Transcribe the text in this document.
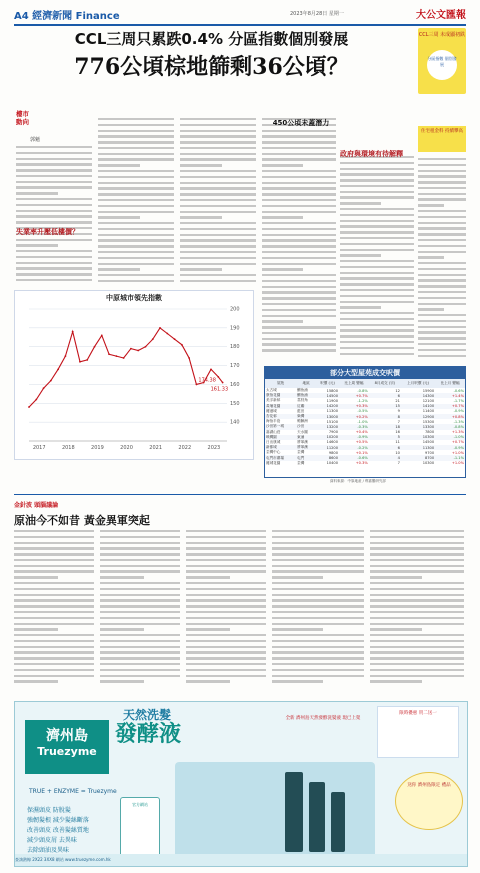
A4 經濟新聞 Finance	2023年8月28日 星期一	大公文匯報
CCL三周只累跌0.4% 分區指數個別發展
776公頃棕地篩剩36公頃？
CCL三周 未成顯初跌
分區指數 個別發展
住宅租金料 持續攀高
樓市
動向
郭魁
失業率升壓低樓價？
450公頃未蓋潛力
政府與環境有待解釋
中原城市領先指數
140
150
160
170
180
190
200
2017	2018	2019	2020	2021	2022	2023
174.38
161.33
部分大型屋苑成交呎價
屋苑	地區	呎價 (元)	比上周 變幅	8月成交 (宗)	上月呎價 (元)	比上月 變幅
太古城	鰂魚涌	15800	-0.8%	12	15900	-0.6%
康怡花園	鰂魚涌	14500	+0.7%	6	14300	+1.4%
美孚新邨	荔枝角	11900	-1.2%	21	12100	-1.7%
黃埔花園	紅磡	14200	+0.3%	15	14100	+0.7%
麗港城	藍田	11300	-0.5%	9	11400	-0.9%
杏花邨	柴灣	13000	+0.2%	8	12900	+0.8%
海怡半島	鴨脷洲	15100	-1.0%	7	15300	-1.3%
沙田第一城	沙田	13200	-0.3%	18	13300	-0.8%
嘉湖山莊	天水圍	7900	+0.4%	16	7800	+1.3%
映灣園	東涌	10200	-0.9%	5	10300	-1.0%
日出康城	將軍澳	14600	+0.5%	11	14500	+0.7%
新都城	將軍澳	11200	-0.2%	6	11300	-0.9%
荃灣中心	荃灣	9800	+0.1%	10	9700	+1.0%
屯門市廣場	屯門	8600	-0.6%	4	8700	-1.1%
麗城花園	荃灣	10400	+0.3%	7	10300	+1.0%
資料來源：中原地產 / 利嘉閣研究部
金針波 頭腦議論
原油今不如昔 黃金異軍突起
濟州島
Truezyme
天然洗髮
發酵液
TRUE + ENZYME = Truezyme
保濕頭皮 防脫髮
強韌髮根 減少髮絲斷落
改善頭皮 改善髮絲質地
減少頭皮屑 去異味
去除頭油及異味
官方網站
全新 濟州島天然發酵洗髮液 現已上架
限時優惠 買二送一
送你 濟州島限定 禮品
查詢熱線 2X22 3XX8 網站 www.truezyme.com.hk
